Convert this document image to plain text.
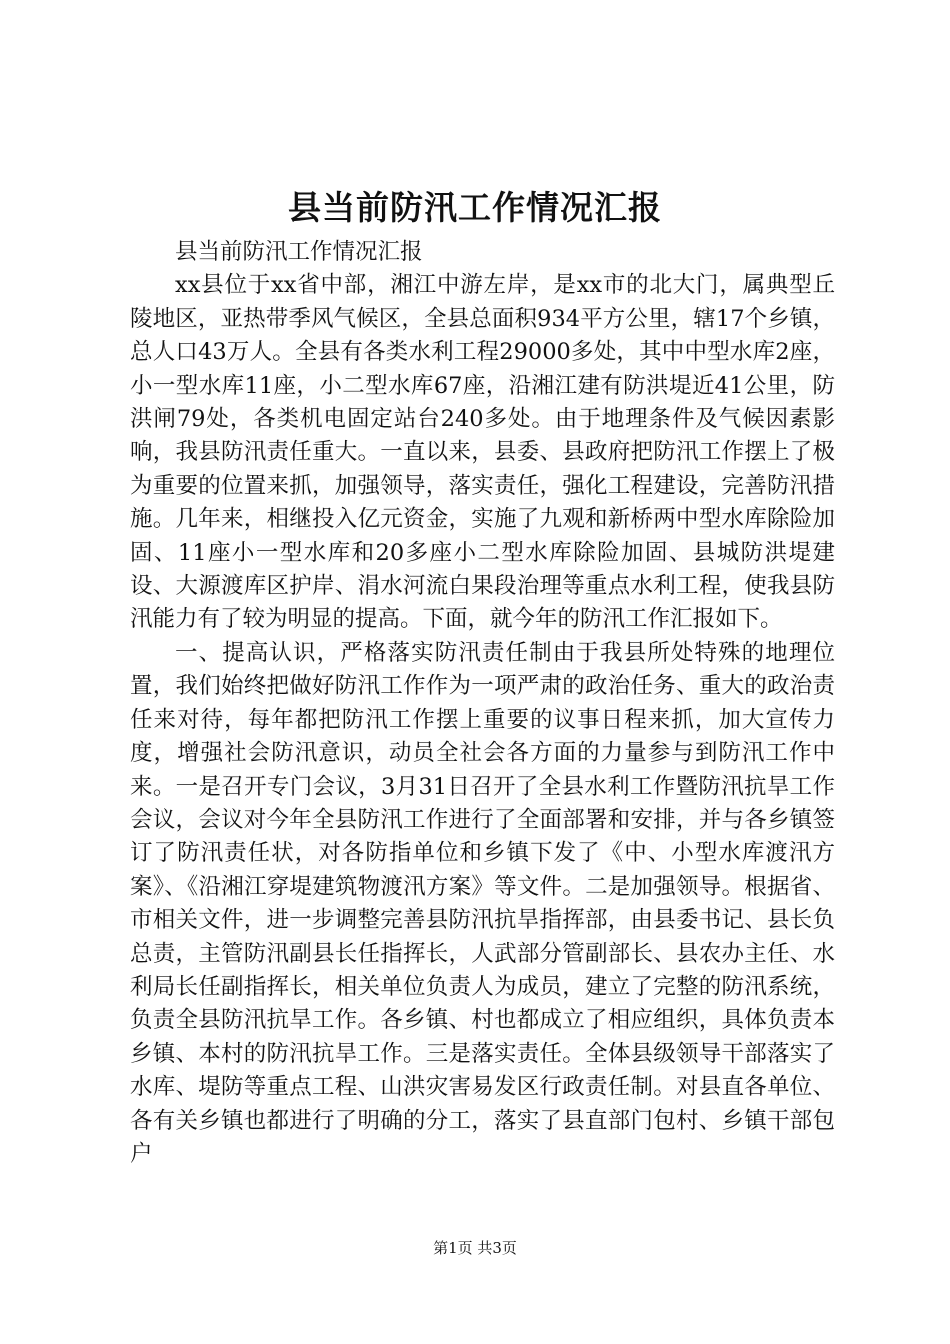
县当前防汛工作情况汇报

县当前防汛工作情况汇报

xx县位于xx省中部，湘江中游左岸，是xx市的北大门，属典型丘陵地区，亚热带季风气候区，全县总面积934平方公里，辖17个乡镇，总人口43万人。全县有各类水利工程29000多处，其中中型水库2座，小一型水库11座，小二型水库67座，沿湘江建有防洪堤近41公里，防洪闸79处，各类机电固定站台240多处。由于地理条件及气候因素影响，我县防汛责任重大。一直以来，县委、县政府把防汛工作摆上了极为重要的位置来抓，加强领导，落实责任，强化工程建设，完善防汛措施。几年来，相继投入亿元资金，实施了九观和新桥两中型水库除险加固、11座小一型水库和20多座小二型水库除险加固、县城防洪堤建设、大源渡库区护岸、涓水河流白果段治理等重点水利工程，使我县防汛能力有了较为明显的提高。下面，就今年的防汛工作汇报如下。

一、提高认识，严格落实防汛责任制由于我县所处特殊的地理位置，我们始终把做好防汛工作作为一项严肃的政治任务、重大的政治责任来对待，每年都把防汛工作摆上重要的议事日程来抓，加大宣传力度，增强社会防汛意识，动员全社会各方面的力量参与到防汛工作中来。一是召开专门会议，3月31日召开了全县水利工作暨防汛抗旱工作会议，会议对今年全县防汛工作进行了全面部署和安排，并与各乡镇签订了防汛责任状，对各防指单位和乡镇下发了《中、小型水库渡汛方案》、《沿湘江穿堤建筑物渡汛方案》等文件。二是加强领导。根据省、市相关文件，进一步调整完善县防汛抗旱指挥部，由县委书记、县长负总责，主管防汛副县长任指挥长，人武部分管副部长、县农办主任、水利局长任副指挥长，相关单位负责人为成员，建立了完整的防汛系统，负责全县防汛抗旱工作。各乡镇、村也都成立了相应组织，具体负责本乡镇、本村的防汛抗旱工作。三是落实责任。全体县级领导干部落实了水库、堤防等重点工程、山洪灾害易发区行政责任制。对县直各单位、各有关乡镇也都进行了明确的分工，落实了县直部门包村、乡镇干部包户

第1页 共3页
